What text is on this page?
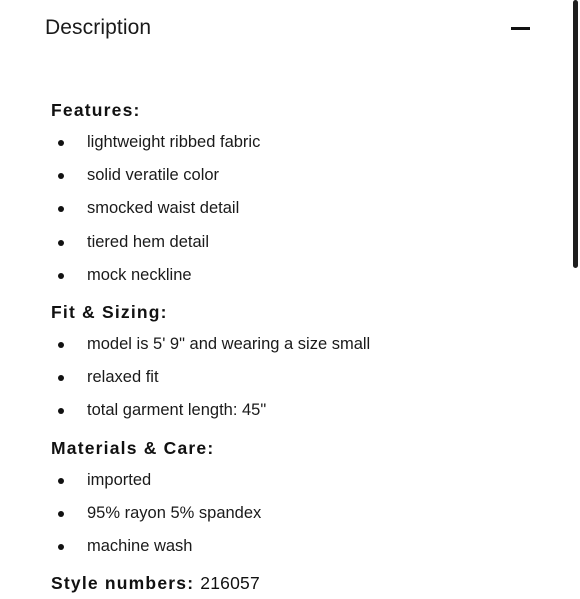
Description
Features:
lightweight ribbed fabric
solid veratile color
smocked waist detail
tiered hem detail
mock neckline
Fit & Sizing:
model is 5' 9" and wearing a size small
relaxed fit
total garment length: 45"
Materials & Care:
imported
95% rayon 5% spandex
machine wash
Style numbers: 216057
